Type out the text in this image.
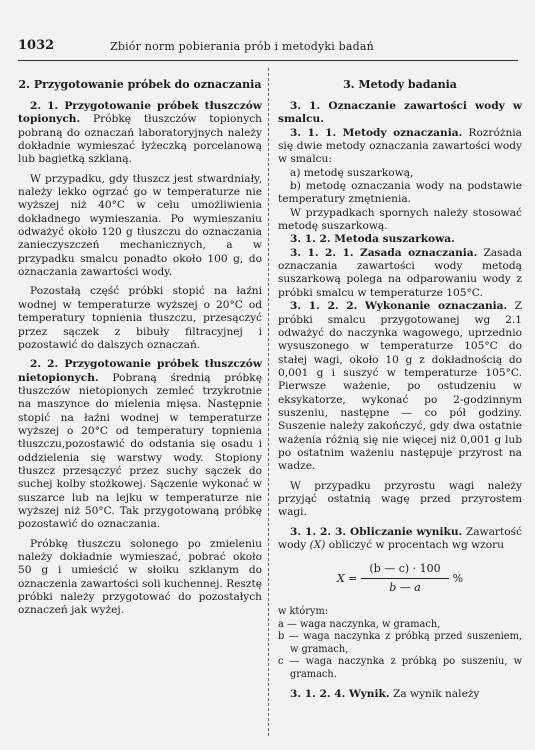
1032	Zbiór norm pobierania prób i metodyki badań
2. Przygotowanie próbek do oznaczania

2. 1. Przygotowanie próbek tłuszczów topionych. Próbkę tłuszczów topionych pobraną do oznaczań laboratoryjnych należy dokładnie wymieszać łyżeczką porcelanową lub bagietką szklaną.

W przypadku, gdy tłuszcz jest stwardniały, należy lekko ogrzać go w temperaturze nie wyższej niż 40°C w celu umożliwienia dokładnego wymieszania. Po wymieszaniu odważyć około 120 g tłuszczu do oznaczania zanieczyszczeń mechanicznych, a w przypadku smalcu ponadto około 100 g, do oznaczania zawartości wody.

Pozostałą część próbki stopić na łaźni wodnej w temperaturze wyższej o 20°C od temperatury topnienia tłuszczu, przesączyć przez sączek z bibuły filtracyjnej i pozostawić do dalszych oznaczań.

2. 2. Przygotowanie próbek tłuszczów nietopionych. Pobraną średnią próbkę tłuszczów nietopionych zemleć trzykrotnie na maszynce do mielenia mięsa. Następnie stopić na łaźni wodnej w temperaturze wyższej o 20°C od temperatury topnienia tłuszczu,pozostawić do odstania się osadu i oddzielenia się warstwy wody. Stopiony tłuszcz przesączyć przez suchy sączek do suchej kolby stożkowej. Sączenie wykonać w suszarce lub na lejku w temperaturze nie wyższej niż 50°C. Tak przygotowaną próbkę pozostawić do oznaczania.

Próbkę tłuszczu solonego po zmieleniu należy dokładnie wymieszać, pobrać około 50 g i umieścić w słoiku szklanym do oznaczenia zawartości soli kuchennej. Resztę próbki należy przygotować do pozostałych oznaczeń jak wyżej.

3. Metody badania

3. 1. Oznaczanie zawartości wody w smalcu.

3. 1. 1. Metody oznaczania. Rozróżnia się dwie metody oznaczania zawartości wody w smalcu:

a) metodę suszarkową,

b) metodę oznaczania wody na podstawie temperatury zmętnienia.

W przypadkach spornych należy stosować metodę suszarkową.

3. 1. 2. Metoda suszarkowa.

3. 1. 2. 1. Zasada oznaczania. Zasada oznaczania zawartości wody metodą suszarkową polega na odparowaniu wody z próbki smalcu w temperaturze 105°C.

3. 1. 2. 2. Wykonanie oznaczania. Z próbki smalcu przygotowanej wg 2.1 odważyć do naczynka wagowego, uprzednio wysuszonego w temperaturze 105°C do stałej wagi, około 10 g z dokładnością do 0,001 g i suszyć w temperaturze 105°C. Pierwsze ważenie, po ostudzeniu w eksykatorze, wykonać po 2-godzinnym suszeniu, następne — co pół godziny. Suszenie należy zakończyć, gdy dwa ostatnie ważenia różnią się nie więcej niż 0,001 g lub po ostatnim ważeniu następuje przyrost na wadze.

W przypadku przyrostu wagi należy przyjąć ostatnią wagę przed przyrostem wagi.

3. 1. 2. 3. Obliczanie wyniku. Zawartość wody (X) obliczyć w procentach wg wzoru

$X = \frac{(b — c) \cdot 100}{b — a}$ %

w którym:

a — waga naczynka, w gramach,

b — waga naczynka z próbką przed suszeniem, w gramach,

c — waga naczynka z próbką po suszeniu, w gramach.

3. 1. 2. 4. Wynik. Za wynik należy
